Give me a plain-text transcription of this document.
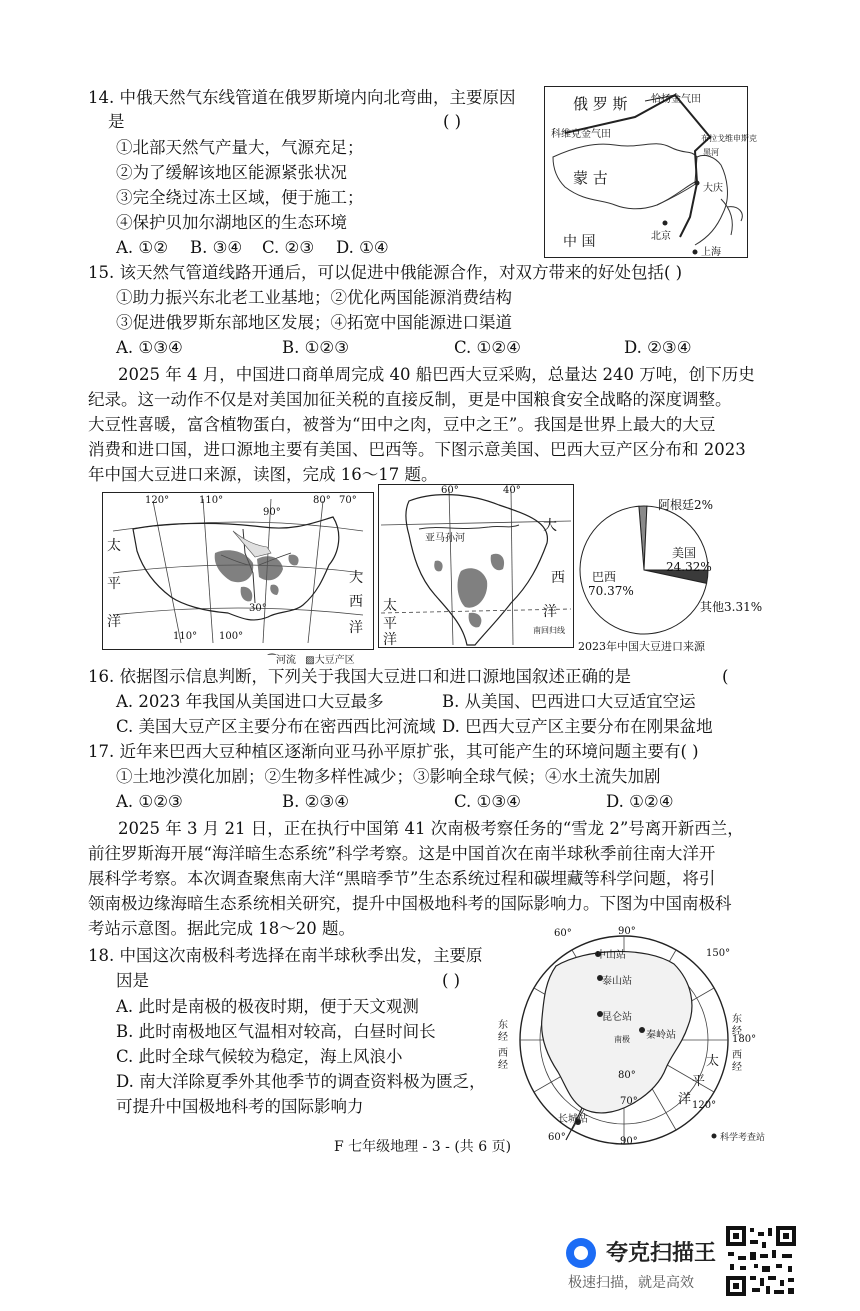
14. 中俄天然气东线管道在俄罗斯境内向北弯曲，主要原因
是	( )
①北部天然气产量大，气源充足；
②为了缓解该地区能源紧张状况
③完全绕过冻土区域，便于施工；
④保护贝加尔湖地区的生态环境
A. ①② B. ③④ C. ②③ D. ①④
俄 罗 斯 恰扬金气田
科维克金气田	布拉戈维申斯克
黑河
蒙 古
大庆
北京
中 国
上海
15. 该天然气管道线路开通后，可以促进中俄能源合作，对双方带来的好处包括( )
①助力振兴东北老工业基地；②优化两国能源消费结构
③促进俄罗斯东部地区发展；④拓宽中国能源进口渠道
A. ①③④	B. ①②③	C. ①②④	D. ②③④
2025 年 4 月，中国进口商单周完成 40 船巴西大豆采购，总量达 240 万吨，创下历史
纪录。这一动作不仅是对美国加征关税的直接反制，更是中国粮食安全战略的深度调整。
大豆性喜暖，富含植物蛋白，被誉为“田中之肉，豆中之王”。我国是世界上最大的大豆
消费和进口国，进口源地主要有美国、巴西等。下图示意美国、巴西大豆产区分布和 2023
年中国大豆进口来源，读图，完成 16～17 题。
太
平
洋
大
西
洋
120°	110°
90°
80° 70°
110° 100°
30°
⁀河流 ▨大豆产区
60°	40°
亚马孙河
大
西
洋
太
平
洋
南回归线
阿根廷2%
美国
24.32%
巴西
70.37%
其他3.31%
2023年中国大豆进口来源
16. 依据图示信息判断，下列关于我国大豆进口和进口源地国叙述正确的是	(
A. 2023 年我国从美国进口大豆最多	B. 从美国、巴西进口大豆适宜空运
C. 美国大豆产区主要分布在密西西比河流域 D. 巴西大豆产区主要分布在刚果盆地
17. 近年来巴西大豆种植区逐渐向亚马孙平原扩张，其可能产生的环境问题主要有( )
①土地沙漠化加剧；②生物多样性减少；③影响全球气候；④水土流失加剧
A. ①②③	B. ②③④	C. ①③④	D. ①②④
2025 年 3 月 21 日，正在执行中国第 41 次南极考察任务的“雪龙 2”号离开新西兰，
前往罗斯海开展“海洋暗生态系统”科学考察。这是中国首次在南半球秋季前往南大洋开
展科学考察。本次调查聚焦南大洋“黑暗季节”生态系统过程和碳埋藏等科学问题，将引
领南极边缘海暗生态系统相关研究，提升中国极地科考的国际影响力。下图为中国南极科
考站示意图。据此完成 18～20 题。
18. 中国这次南极科考选择在南半球秋季出发，主要原
因是	( )
A. 此时是南极的极夜时期，便于天文观测
B. 此时南极地区气温相对较高，白昼时间长
C. 此时全球气候较为稳定，海上风浪小
D. 南大洋除夏季外其他季节的调查资料极为匮乏，
可提升中国极地科考的国际影响力
60°	90°
150°
中山站
泰山站
昆仑站
南极 秦岭站
80°
70°
长城站
60°	90°
120°
东
经
西
经
东
经
180°
西
经
太
平
洋
科学考查站
F 七年级地理 - 3 - (共 6 页)
夸克扫描王
极速扫描，就是高效
